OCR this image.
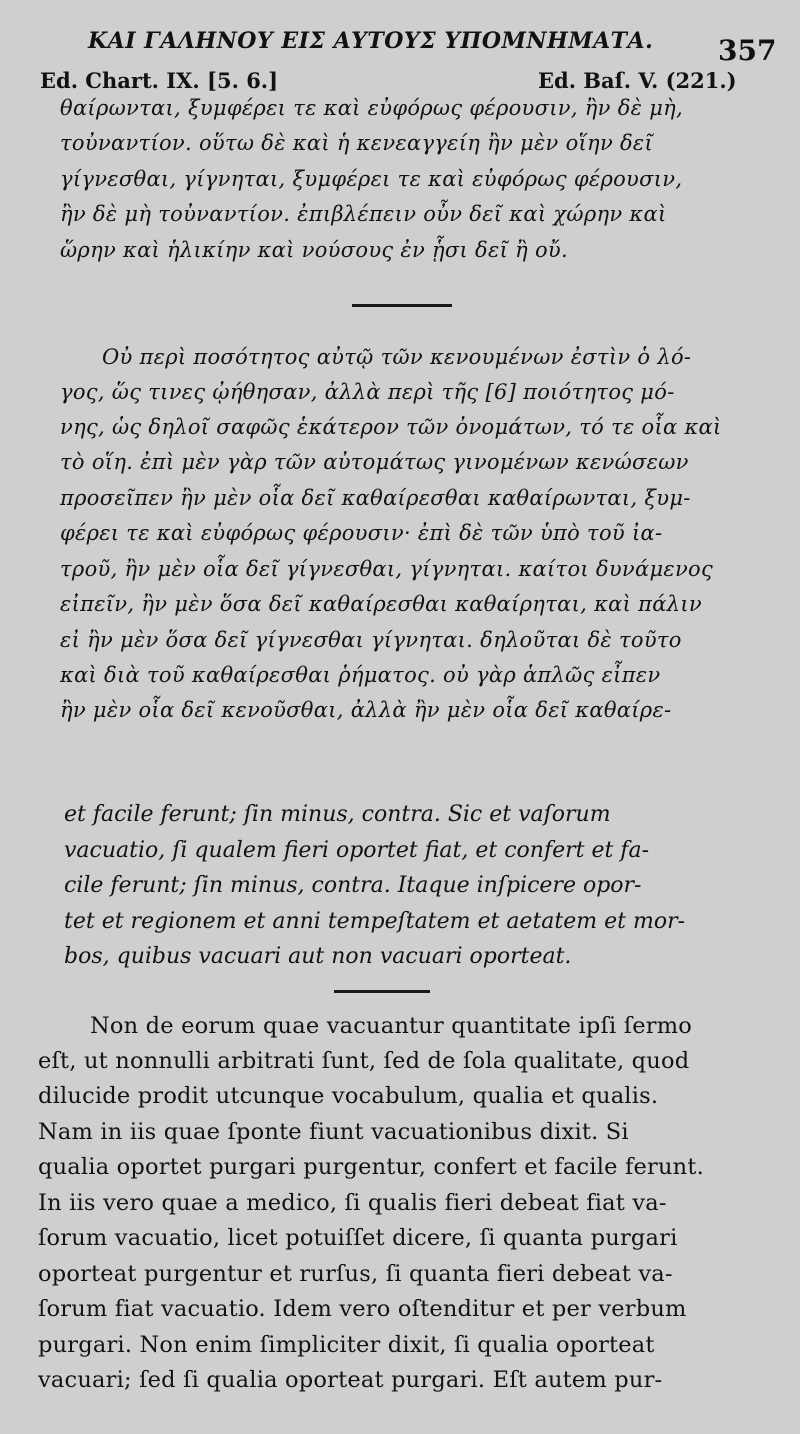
ΚΑΙ ΓΑΛΗΝΟΥ ΕΙΣ ΑΥΤΟΥΣ ΥΠΟΜΝΗΜΑΤΑ.	357
Ed. Chart. IX. [5. 6.]	Ed. Baſ. V. (221.)
θαίρωνται, ξυμφέρει τε καὶ εὐφόρως φέρουσιν, ἢν δὲ μὴ,
τοὐναντίον. οὕτω δὲ καὶ ἡ κενεαγγείη ἢν μὲν οἵην δεῖ
γίγνεσθαι, γίγνηται, ξυμφέρει τε καὶ εὐφόρως φέρουσιν,
ἢν δὲ μὴ τοὐναντίον. ἐπιβλέπειν οὖν δεῖ καὶ χώρην καὶ
ὥρην καὶ ἡλικίην καὶ νούσους ἐν ᾗσι δεῖ ἢ οὔ.
Οὐ περὶ ποσότητος αὐτῷ τῶν κενουμένων ἐστὶν ὁ λό-
γος, ὥς τινες ᾠήθησαν, ἀλλὰ περὶ τῆς [6] ποιότητος μό-
νης, ὡς δηλοῖ σαφῶς ἑκάτερον τῶν ὀνομάτων, τό τε οἷα καὶ
τὸ οἵη. ἐπὶ μὲν γὰρ τῶν αὐτομάτως γινομένων κενώσεων
προσεῖπεν ἢν μὲν οἷα δεῖ καθαίρεσθαι καθαίρωνται, ξυμ-
φέρει τε καὶ εὐφόρως φέρουσιν· ἐπὶ δὲ τῶν ὑπὸ τοῦ ἰα-
τροῦ, ἢν μὲν οἷα δεῖ γίγνεσθαι, γίγνηται. καίτοι δυνάμενος
εἰπεῖν, ἢν μὲν ὅσα δεῖ καθαίρεσθαι καθαίρηται, καὶ πάλιν
εἰ ἢν μὲν ὅσα δεῖ γίγνεσθαι γίγνηται. δηλοῦται δὲ τοῦτο
καὶ διὰ τοῦ καθαίρεσθαι ῥήματος. οὐ γὰρ ἁπλῶς εἶπεν
ἢν μὲν οἷα δεῖ κενοῦσθαι, ἀλλὰ ἢν μὲν οἷα δεῖ καθαίρε-
et facile ferunt; ſin minus, contra. Sic et vaſorum
vacuatio, ſi qualem fieri oportet fiat, et confert et fa-
cile ferunt; ſin minus, contra. Itaque inſpicere opor-
tet et regionem et anni tempeſtatem et aetatem et mor-
bos, quibus vacuari aut non vacuari oporteat.
Non de eorum quae vacuantur quantitate ipſi ſermo
eſt, ut nonnulli arbitrati ſunt, ſed de ſola qualitate, quod
dilucide prodit utcunque vocabulum, qualia et qualis.
Nam in iis quae ſponte fiunt vacuationibus dixit. Si
qualia oportet purgari purgentur, confert et facile ferunt.
In iis vero quae a medico, ſi qualis fieri debeat fiat va-
ſorum vacuatio, licet potuiſſet dicere, ſi quanta purgari
oporteat purgentur et rurſus, ſi quanta fieri debeat va-
ſorum fiat vacuatio. Idem vero oſtenditur et per verbum
purgari. Non enim ſimpliciter dixit, ſi qualia oporteat
vacuari; ſed ſi qualia oporteat purgari. Eſt autem pur-
